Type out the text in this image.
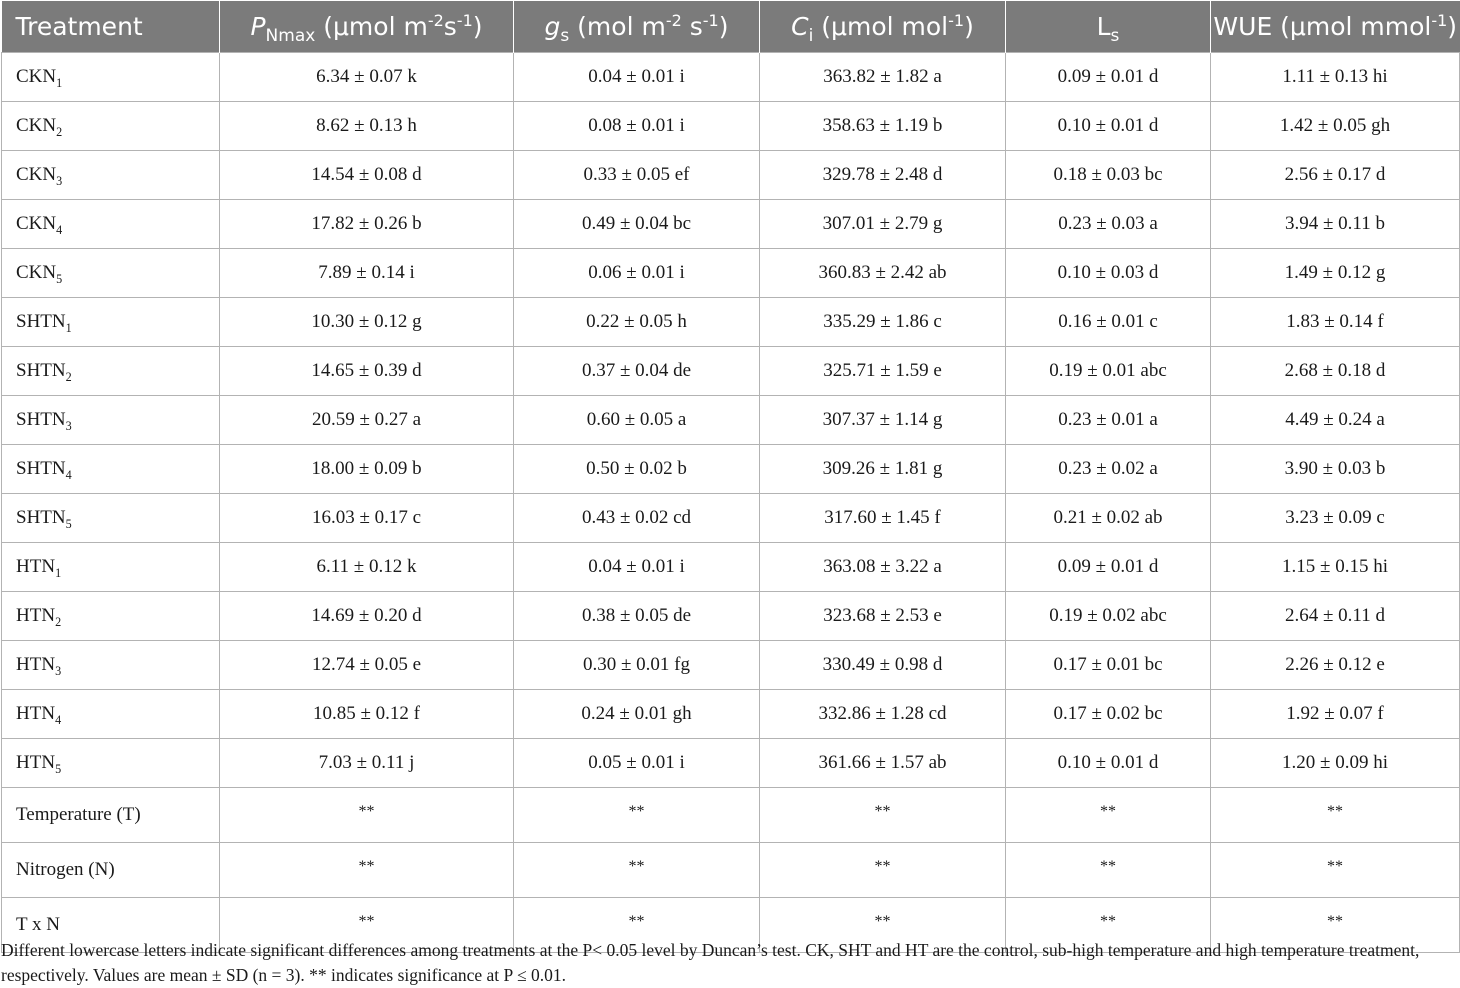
Treatment	$P_{Nmax}$ (μmol $m^{-2}s^{-1}$)	$g_s$ (mol $m^{-2}$ $s^{-1}$)	$C_i$ (μmol mol$^{-1}$)	$L_s$	WUE (μmol mmol$^{-1}$)
$CKN_1$	6.34 ± 0.07 k	0.04 ± 0.01 i	363.82 ± 1.82 a	0.09 ± 0.01 d	1.11 ± 0.13 hi
$CKN_2$	8.62 ± 0.13 h	0.08 ± 0.01 i	358.63 ± 1.19 b	0.10 ± 0.01 d	1.42 ± 0.05 gh
$CKN_3$	14.54 ± 0.08 d	0.33 ± 0.05 ef	329.78 ± 2.48 d	0.18 ± 0.03 bc	2.56 ± 0.17 d
$CKN_4$	17.82 ± 0.26 b	0.49 ± 0.04 bc	307.01 ± 2.79 g	0.23 ± 0.03 a	3.94 ± 0.11 b
$CKN_5$	7.89 ± 0.14 i	0.06 ± 0.01 i	360.83 ± 2.42 ab	0.10 ± 0.03 d	1.49 ± 0.12 g
$SHTN_1$	10.30 ± 0.12 g	0.22 ± 0.05 h	335.29 ± 1.86 c	0.16 ± 0.01 c	1.83 ± 0.14 f
$SHTN_2$	14.65 ± 0.39 d	0.37 ± 0.04 de	325.71 ± 1.59 e	0.19 ± 0.01 abc	2.68 ± 0.18 d
$SHTN_3$	20.59 ± 0.27 a	0.60 ± 0.05 a	307.37 ± 1.14 g	0.23 ± 0.01 a	4.49 ± 0.24 a
$SHTN_4$	18.00 ± 0.09 b	0.50 ± 0.02 b	309.26 ± 1.81 g	0.23 ± 0.02 a	3.90 ± 0.03 b
$SHTN_5$	16.03 ± 0.17 c	0.43 ± 0.02 cd	317.60 ± 1.45 f	0.21 ± 0.02 ab	3.23 ± 0.09 c
$HTN_1$	6.11 ± 0.12 k	0.04 ± 0.01 i	363.08 ± 3.22 a	0.09 ± 0.01 d	1.15 ± 0.15 hi
$HTN_2$	14.69 ± 0.20 d	0.38 ± 0.05 de	323.68 ± 2.53 e	0.19 ± 0.02 abc	2.64 ± 0.11 d
$HTN_3$	12.74 ± 0.05 e	0.30 ± 0.01 fg	330.49 ± 0.98 d	0.17 ± 0.01 bc	2.26 ± 0.12 e
$HTN_4$	10.85 ± 0.12 f	0.24 ± 0.01 gh	332.86 ± 1.28 cd	0.17 ± 0.02 bc	1.92 ± 0.07 f
$HTN_5$	7.03 ± 0.11 j	0.05 ± 0.01 i	361.66 ± 1.57 ab	0.10 ± 0.01 d	1.20 ± 0.09 hi
Temperature (T)	**	**	**	**	**
Nitrogen (N)	**	**	**	**	**
T x N	**	**	**	**	**

Different lowercase letters indicate significant differences among treatments at the P< 0.05 level by Duncan’s test. CK, SHT and HT are the control, sub-high temperature and high temperature treatment, respectively. Values are mean ± SD (n = 3). ** indicates significance at P ≤ 0.01.
